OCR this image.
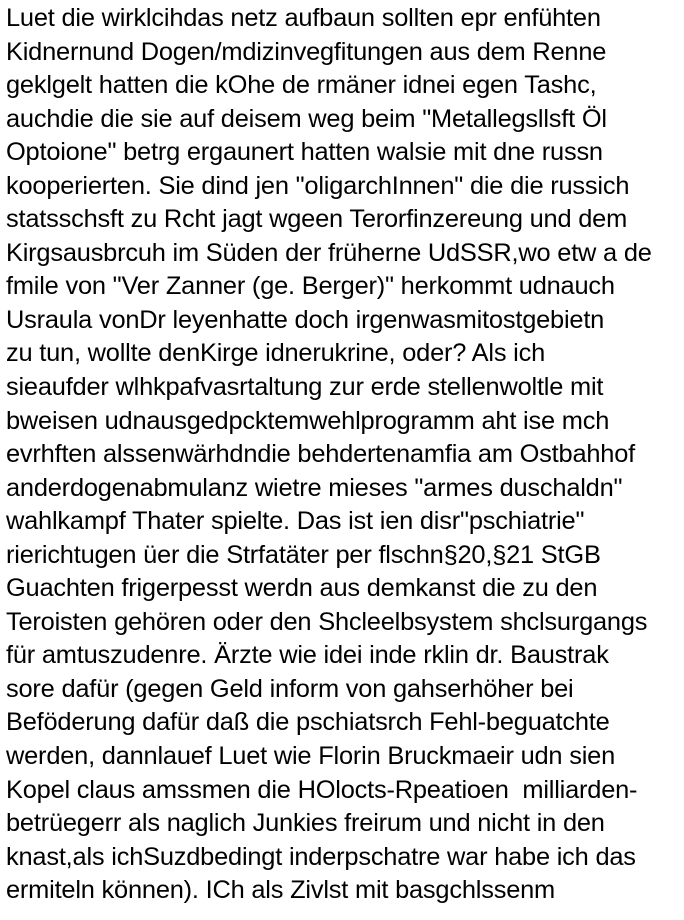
Luet die wirklcihdas netz aufbaun sollten epr enfühten
Kidnernund Dogen/mdizinvegfitungen aus dem Renne
geklgelt hatten die kOhe de rmäner idnei egen Tashc,
auchdie die sie auf deisem weg beim "Metallegsllsft Öl
Optoione" betrg ergaunert hatten walsie mit dne russn
kooperierten. Sie dind jen "oligarchInnen" die die russich
statsschsft zu Rcht jagt wgeen Terorfinzereung und dem
Kirgsausbrcuh im Süden der früherne UdSSR,wo etw a de
fmile von "Ver Zanner (ge. Berger)" herkommt udnauch
Usraula vonDr leyenhatte doch irgenwasmitostgebietn
zu tun, wollte denKirge idnerukrine, oder? Als ich
sieaufder wlhkpafvasrtaltung zur erde stellenwoltle mit
bweisen udnausgedpcktemwehlprogramm aht ise mch
evrhften alssenwärhdndie behdertenamfia am Ostbahhof
anderdogenabmulanz wietre mieses "armes duschaldn"
wahlkampf Thater spielte. Das ist ien disr"pschiatrie"
rierichtugen üer die Strfatäter per flschn§20,§21 StGB
Guachten frigerpesst werdn aus demkanst die zu den
Teroisten gehören oder den Shcleelbsystem shclsurgangs
für amtuszudenre. Ärzte wie idei inde rklin dr. Baustrak
sore dafür (gegen Geld inform von gahserhöher bei
Beföderung dafür daß die pschiatsrch Fehl-beguatchte
werden, dannlauef Luet wie Florin Bruckmaeir udn sien
Kopel claus amssmen die HOlocts-Rpeatioen  milliarden-
betrüegerr als naglich Junkies freirum und nicht in den
knast,als ichSuzdbedingt inderpschatre war habe ich das
ermiteln können). ICh als Zivlst mit basgchlssenm
